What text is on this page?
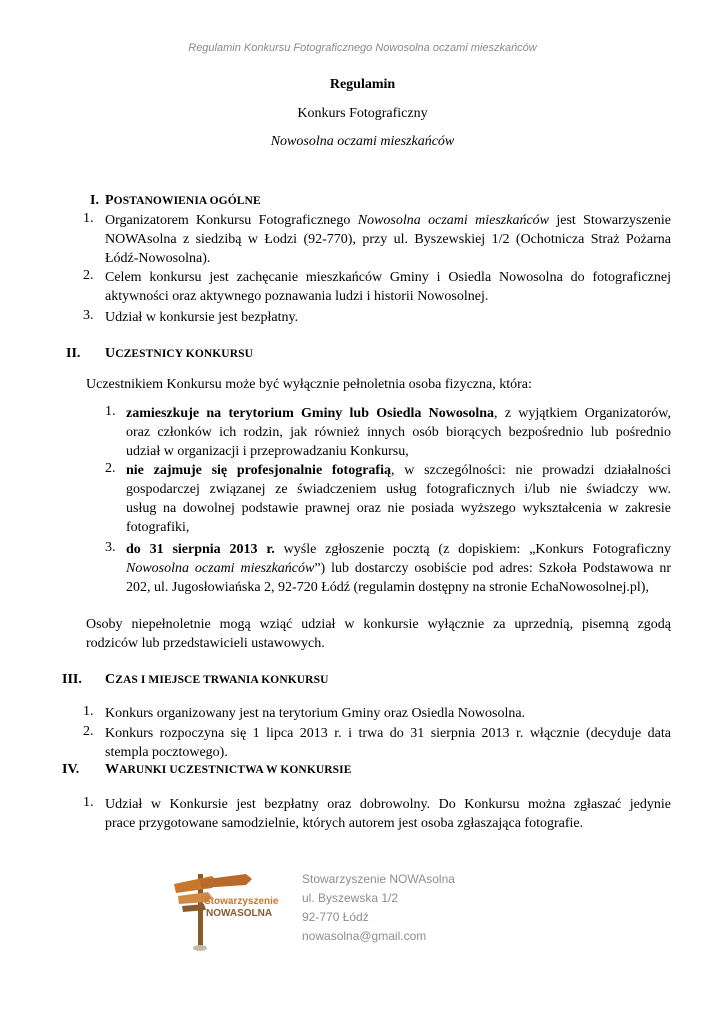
Regulamin Konkursu Fotograficznego Nowosolna oczami mieszkańców
Regulamin
Konkurs Fotograficzny
Nowosolna oczami mieszkańców
I. POSTANOWIENIA OGÓLNE
1. Organizatorem Konkursu Fotograficznego Nowosolna oczami mieszkańców jest Stowarzyszenie
NOWAsolna z siedzibą w Łodzi (92-770), przy ul. Byszewskiej 1/2 (Ochotnicza Straż Pożarna
Łódź-Nowosolna).
2. Celem konkursu jest zachęcanie mieszkańców Gminy i Osiedla Nowosolna do fotograficznej
aktywności oraz aktywnego poznawania ludzi i historii Nowosolnej.
3. Udział w konkursie jest bezpłatny.
II. UCZESTNICY KONKURSU
Uczestnikiem Konkursu może być wyłącznie pełnoletnia osoba fizyczna, która:
1. zamieszkuje na terytorium Gminy lub Osiedla Nowosolna, z wyjątkiem Organizatorów,
oraz członków ich rodzin, jak również innych osób biorących bezpośrednio lub pośrednio
udział w organizacji i przeprowadzaniu Konkursu,
2. nie zajmuje się profesjonalnie fotografią, w szczególności: nie prowadzi działalności
gospodarczej związanej ze świadczeniem usług fotograficznych i/lub nie świadczy ww.
usług na dowolnej podstawie prawnej oraz nie posiada wyższego wykształcenia w zakresie
fotografiki,
3. do 31 sierpnia 2013 r. wyśle zgłoszenie pocztą (z dopiskiem: „Konkurs Fotograficzny
Nowosolna oczami mieszkańców”) lub dostarczy osobiście pod adres: Szkoła Podstawowa nr
202, ul. Jugosłowiańska 2, 92-720 Łódź (regulamin dostępny na stronie EchaNowosolnej.pl),
Osoby niepełnoletnie mogą wziąć udział w konkursie wyłącznie za uprzednią, pisemną zgodą
rodziców lub przedstawicieli ustawowych.
III. CZAS I MIEJSCE TRWANIA KONKURSU
1. Konkurs organizowany jest na terytorium Gminy oraz Osiedla Nowosolna.
2. Konkurs rozpoczyna się 1 lipca 2013 r. i trwa do 31 sierpnia 2013 r. włącznie (decyduje data
stempla pocztowego).
IV. WARUNKI UCZESTNICTWA W KONKURSIE
1. Udział w Konkursie jest bezpłatny oraz dobrowolny. Do Konkursu można zgłaszać jedynie
prace przygotowane samodzielnie, których autorem jest osoba zgłaszająca fotografie.
Stowarzyszenie
NOWASOLNA
Stowarzyszenie NOWAsolna
ul. Byszewska 1/2
92-770 Łódź
nowasolna@gmail.com
